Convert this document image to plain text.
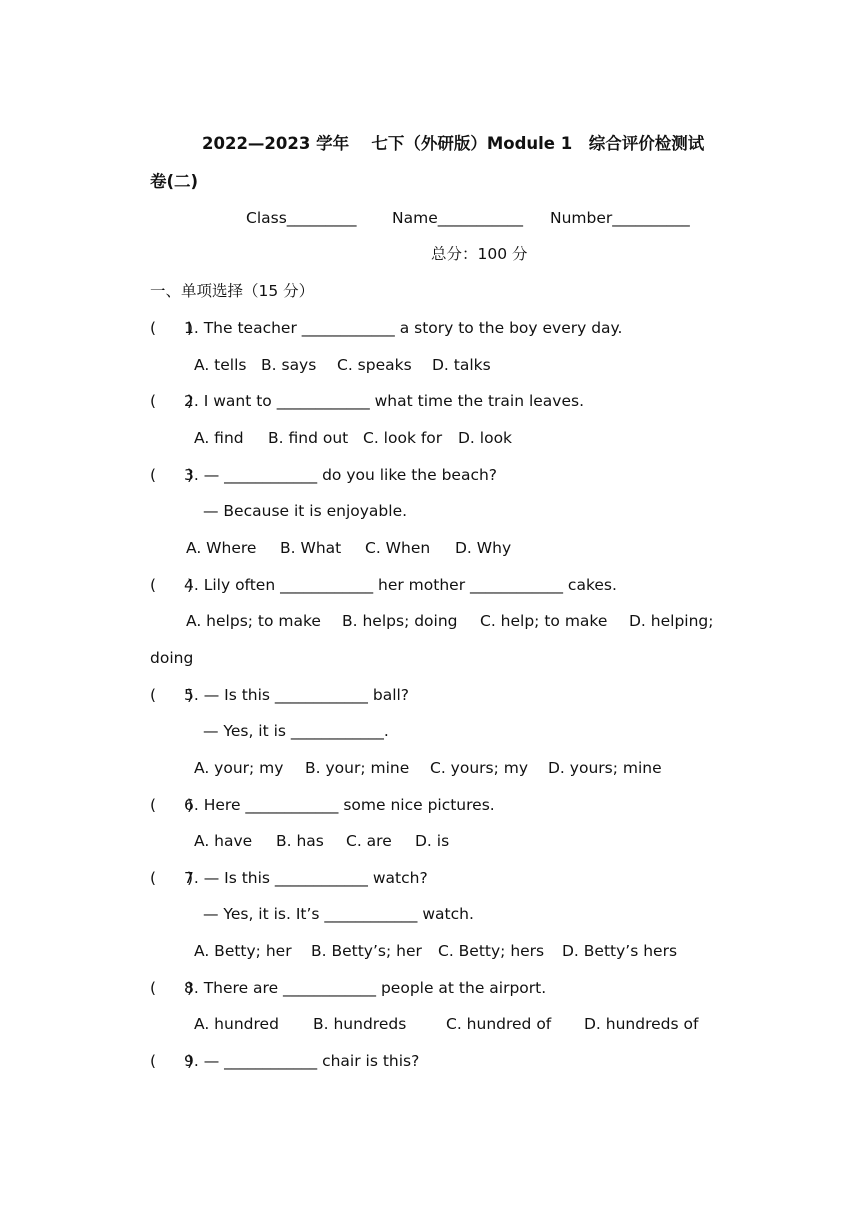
2022—2023 学年　 七下（外研版）Module 1　综合评价检测试
卷(二)
Class_________ Name___________ Number__________
总分：100 分
一、单项选择（15 分）
(　　)
1. The teacher ____________ a story to the boy every day.
A. tells B. says C. speaks D. talks
(　　)
2. I want to ____________ what time the train leaves.
A. find B. find out C. look for D. look
(　　)
3. — ____________ do you like the beach?
— Because it is enjoyable.
A. Where B. What C. When D. Why
(　　)
4. Lily often ____________ her mother ____________ cakes.
A. helps; to make B. helps; doing C. help; to make D. helping;
doing
(　　)
5. — Is this ____________ ball?
— Yes, it is ____________.
A. your; my B. your; mine C. yours; my D. yours; mine
(　　)
6. Here ____________ some nice pictures.
A. have B. has C. are D. is
(　　)
7. — Is this ____________ watch?
— Yes, it is. It’s ____________ watch.
A. Betty; her B. Betty’s; her C. Betty; hers D. Betty’s hers
(　　)
8. There are ____________ people at the airport.
A. hundred B. hundreds	C. hundred of D. hundreds of
(　　)
9. — ____________ chair is this?
